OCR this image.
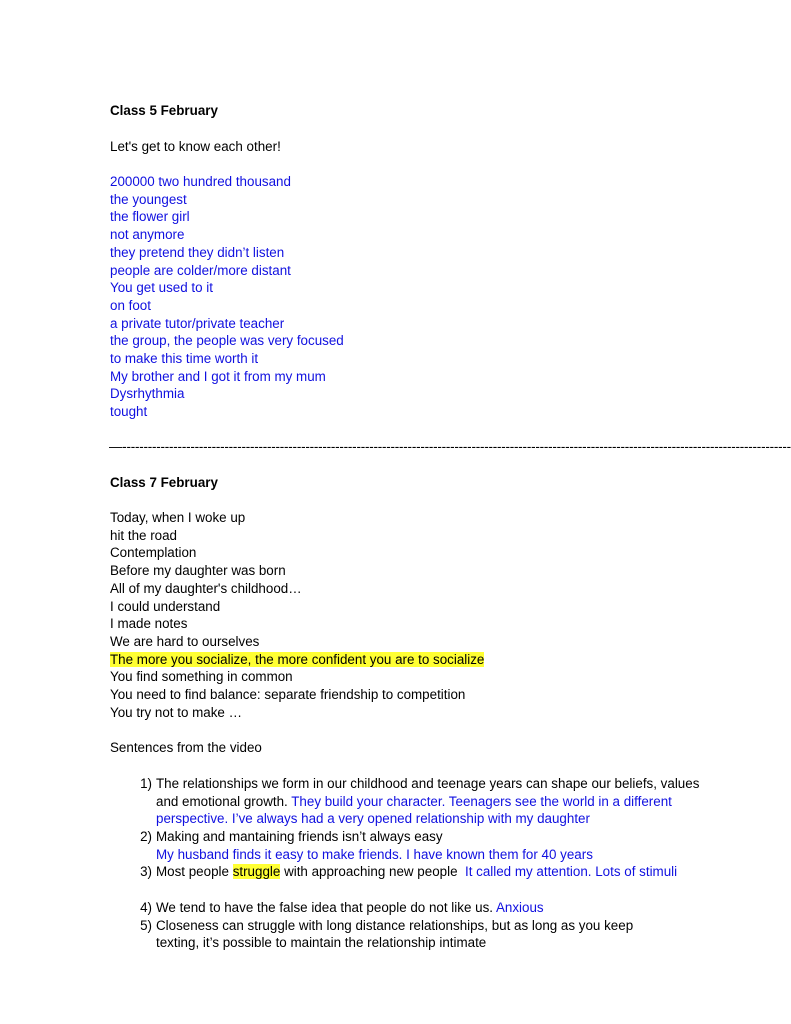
Class 5 February
Let's get to know each other!
200000 two hundred thousand
the youngest
the flower girl
not anymore
they pretend they didn’t listen
people are colder/more distant
You get used to it
on foot
a private tutor/private teacher
the group, the people was very focused
to make this time worth it
My brother and I got it from my mum
Dysrhythmia
tought
—-------------------------------------------------------------------------------------------------------------------------------------------------------------
Class 7 February
Today, when I woke up
hit the road
Contemplation
Before my daughter was born
All of my daughter's childhood…
I could understand
I made notes
We are hard to ourselves
The more you socialize, the more confident you are to socialize
You find something in common
You need to find balance: separate friendship to competition
You try not to make …
Sentences from the video
1) The relationships we form in our childhood and teenage years can shape our beliefs, values and emotional growth. They build your character. Teenagers see the world in a different perspective. I’ve always had a very opened relationship with my daughter
2) Making and mantaining friends isn’t always easy
My husband finds it easy to make friends. I have known them for 40 years
3) Most people struggle with approaching new people It called my attention. Lots of stimuli
4) We tend to have the false idea that people do not like us. Anxious
5) Closeness can struggle with long distance relationships, but as long as you keep texting, it’s possible to maintain the relationship intimate
